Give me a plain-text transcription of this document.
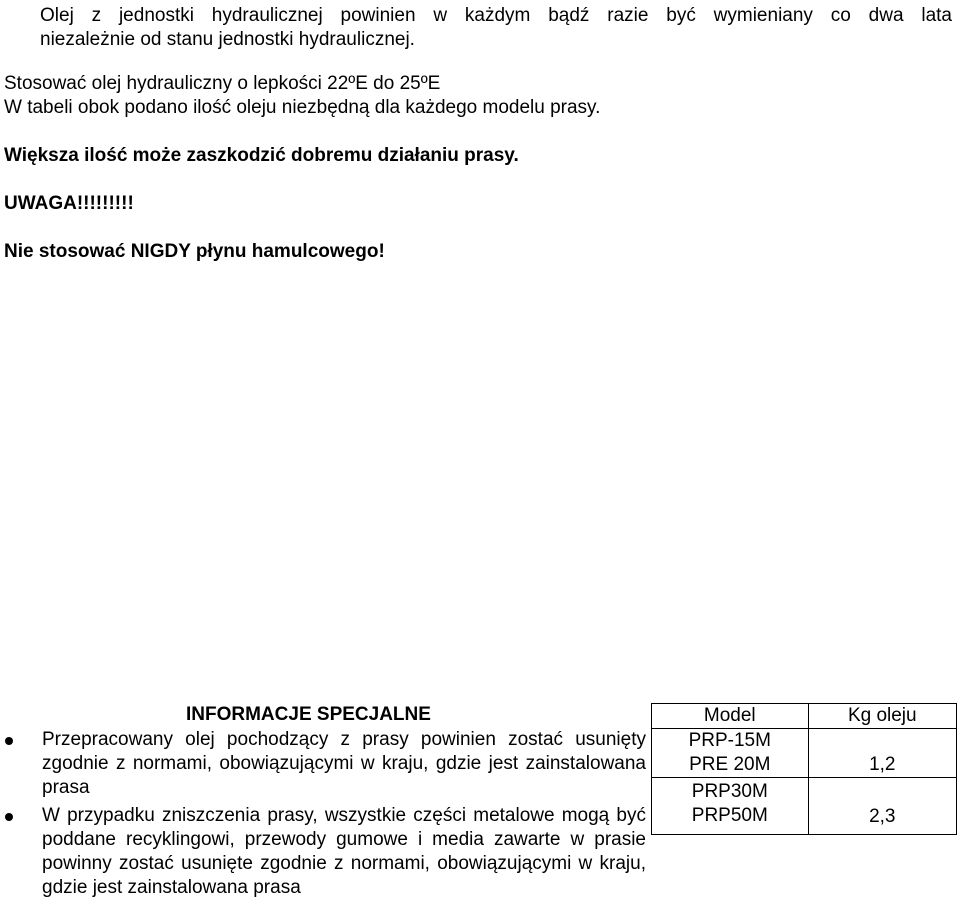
Olej z jednostki hydraulicznej powinien w każdym bądź razie być wymieniany co dwa lata

niezależnie od stanu jednostki hydraulicznej.

Stosować olej hydrauliczny o lepkości 22ºE do 25ºE

W tabeli obok podano ilość oleju niezbędną dla każdego modelu prasy.

Większa ilość może zaszkodzić dobremu działaniu prasy.

UWAGA!!!!!!!!!

Nie stosować NIGDY płynu hamulcowego!

INFORMACJE SPECJALNE

Przepracowany olej pochodzący z prasy powinien zostać usunięty zgodnie z normami, obowiązującymi w kraju, gdzie jest zainstalowana prasa
W przypadku zniszczenia prasy, wszystkie części metalowe mogą być poddane recyklingowi, przewody gumowe i media zawarte w prasie powinny zostać usunięte zgodnie z normami, obowiązującymi w kraju, gdzie jest zainstalowana prasa
Model	Kg oleju

PRP-15M
PRE 20M	1,2

PRP30M
PRP50M	2,3
